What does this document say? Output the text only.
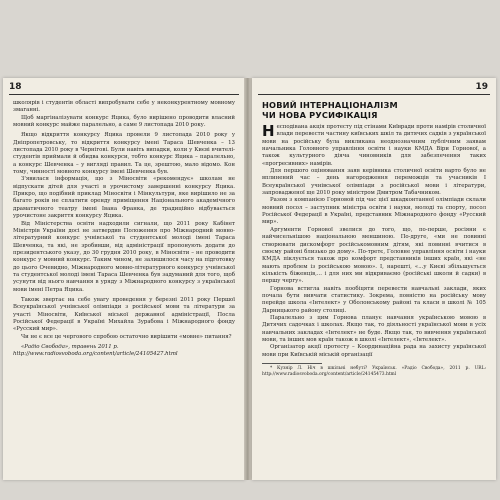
18

школярів і студентів області випробувати себе у неконкурентному мовному змаганні.

Щоб маргіналізувати конкурс Яцика, було вирішено проводити власний мовний конкурс майже паралельно, а саме 9 листопада 2010 року.

Якщо відкриття конкурсу Яцика провели 9 листопада 2010 року у Дніпропетровську, то відкриття конкурсу імені Тараса Шевченка – 13 листопада 2010 року в Чернігові. Були навіть випадки, коли у Києві вчителі-студентів приймали й обидва конкурси, тобто конкурс Яцика – паралельно, а конкурс Шевченка – у вигляді правил. Та це, зрештою, мало відомо. Кон тому, чинності мовного конкурсу імені Шевченка був.

З'явилася інформація, що з Міносвіти «рекомендує» школам не відпускати дітей для участі в урочистому завершенні конкурсу Яцика. Прикро, що подібний приклад Міносвіти і Мінкультури, яке вирішило не за багато років не сплатити оренду приміщення Національного академічного драматичного театру імені Івана Франка, де традиційно відбувається урочистоне закриття конкурсу Яцика.

Від Міністерства освіти надходили сигнали, що 2011 року Кабінет Міністрів України досі не затвердив Положення про Міжнародний мовно-літературний конкурс учнівської та студентської молоді імені Тараса Шевченка, та які, не зробивши, від адміністрації пропонують додати до президентського указу, до 30 грудня 2010 року, в Міносвіти – не проводити конкурс у мовний конкурс. Таким чином, не залишилося часу на підготовку до цього Очевидно, Міжнародного мовно-літературного конкурсу учнівської та студентської молоді імені Тараса Шевченка був задуманий для того, щоб усунути від нього навчання в уряду з Міжнародного конкурсу з української мови імені Петра Яцика.

Також звертає на себе увагу проведення у березні 2011 року Першої Всеукраїнської учнівської олімпіади з російської мови та літератури за участі Міносвіти, Київської міської державної адміністрації, Посла Російської Федерації в Україні Михайла Зурабова і Міжнародного фонду «Русский мир».

Чи не є все це чергового спробою остаточно вирішити «мовне» питання?

«Радіо Свобода», травень 2011 р.

http://www.radiosvoboda.org/content/article/24105427.html

19
НОВИЙ ІНТЕРНАЦІОНАЛІЗМ
ЧИ НОВА РУСИФІКАЦІЯ

Несподівана акція протесту під стінами Київради проти намірів столичної влади перевести частину київських шкіл та дитячих садків з української мови на російську була викликана неоднозначним публічним заявам начальника Головного управління освіти і науки КМДА Віри Горнової, а також культурного діяча чиновників для забезпечення таких «прогресивних» намірів.

Для першого оцінювання заяв керівника столичної освіти варто було не вплинений час – день нагородження переможців та учасників I Всеукраїнської учнівської олімпіади з російської мови і літератури, запровадженої ще 2010 року міністром Дмитром Табачником.

Разом з компанією Горновой під час цієї шкадконтанної олімпіади склали мовний посол – заступник міністра освіти і науки, молоді та спорту, посол Російської Федерації в Україні, представник Міжнародного фонду «Русский мир».

Аргументи Горнової звелися до того, що, по-перше, росіяни є найчисельнішою національною меншиною. По-друге, «ми не повинні створювати дискомфорт російськомовним дітям, які повинні вчитися в своєму районі близько до дому». По-третє, Головне управління освіти і науки КМДА піклується також про комфорт представників інших країн, які «не мають проблем із російською мовою». І, нарешті, «...у Києві збільшується кількість біженців,... і для них ми відкриваємо (російські школи й садки) в першу чергу».

Горнова встигла навіть пообіцяти перевести навчальні заклади, яких почала бути вивчати статистику. Зокрема, повністю на російську мову перейде школа «Інтелект» у Оболонському районі та класи в школі № 105 Дарницького району столиці.

Паралельно з цим Горнова планує навчання українською мовою в Дитячих садочках і школах. Якщо так, то діяльності української мови в усіх навчальних закладах «Інтелект» не буде. Якщо так, то вивчення української мови, та інших мов країн також в школі «Інтелект», «Інтелект».

Організатор акції протесту – Координаційна рада на захисту української мови при Київській міській організації

* Кузнір Л. Ніч в шкільні небуті? Українськ. «Радіо Свобода», 2011 р. URL: http://www.radiosvoboda.org/content/article/24145473.html
